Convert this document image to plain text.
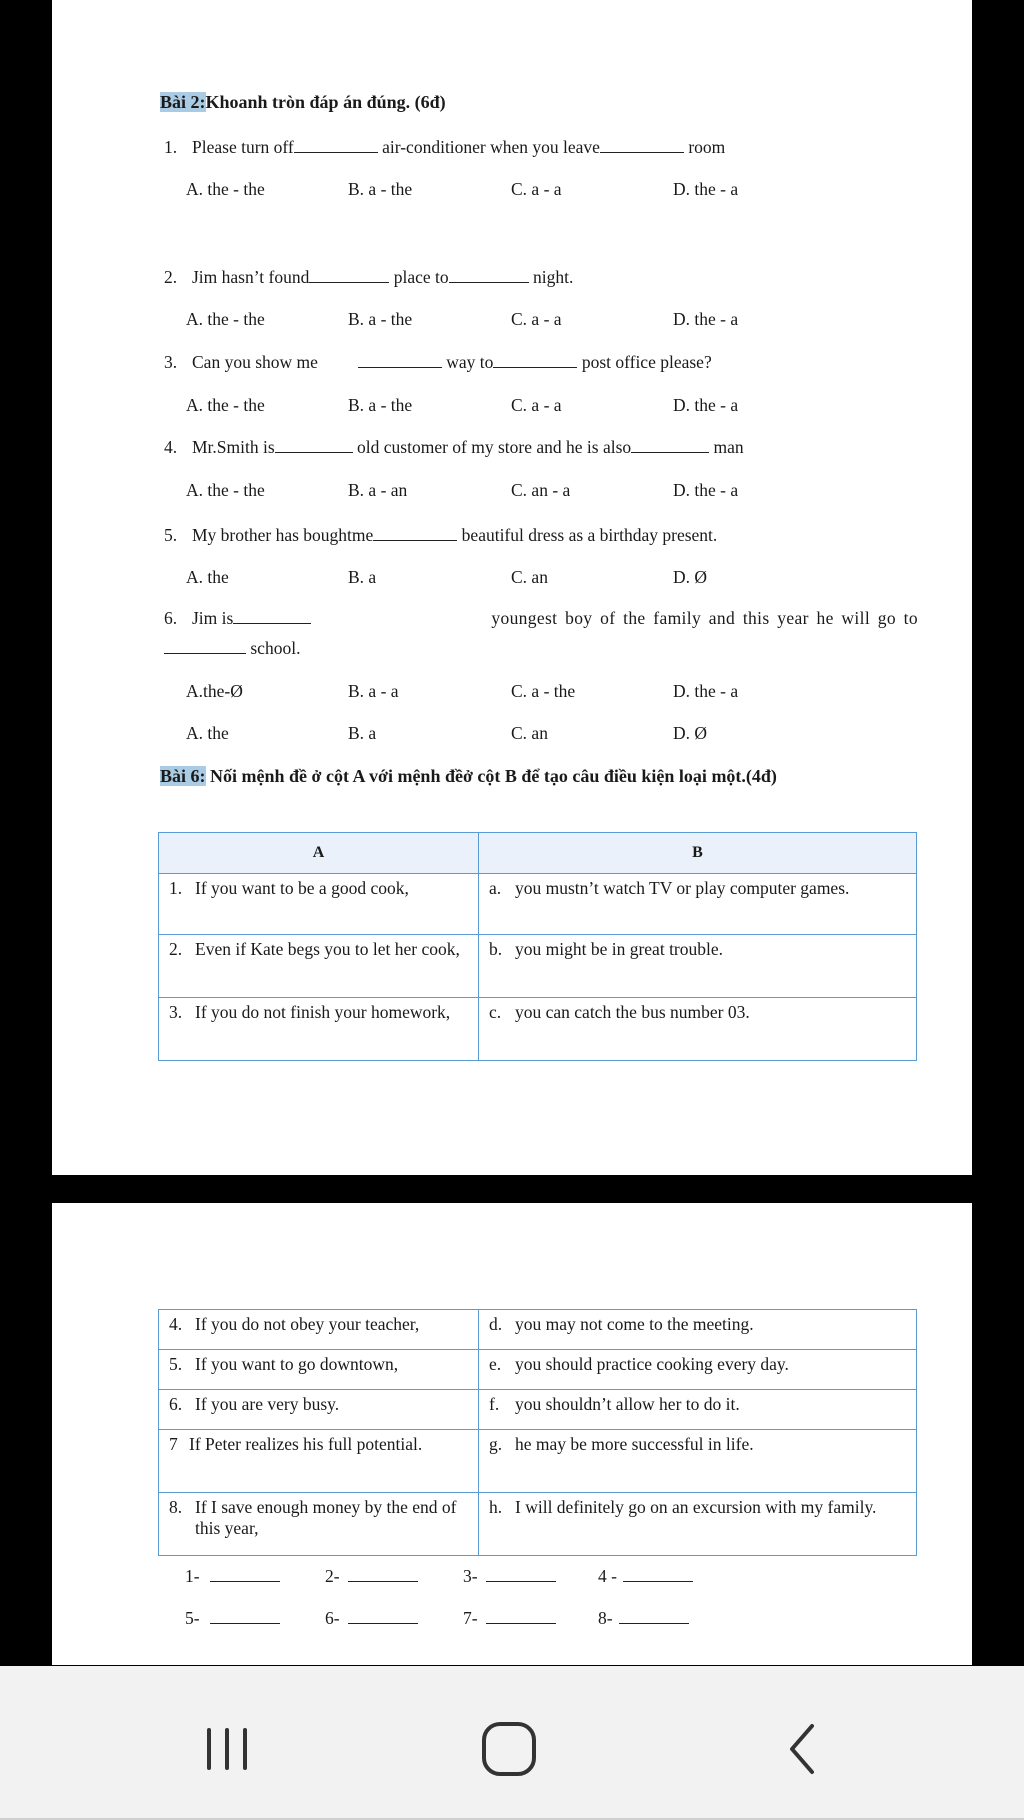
Bài 2:Khoanh tròn đáp án đúng. (6đ)
1. Please turn off	air-conditioner when you leave	room
A. the - the	B. a - the	C. a - a	D. the - a
2. Jim hasn’t found	place to	night.
A. the - the	B. a - the	C. a - a	D. the - a
3. Can you show me	way to	post office please?
A. the - the	B. a - the	C. a - a	D. the - a
4. Mr.Smith is	old customer of my store and he is also	man
A. the - the	B. a - an	C. an - a	D. the - a
5. My brother has boughtme	beautiful dress as a birthday present.
A. the	B. a	C. an	D. Ø
6. Jim is	youngest boy of the family and this year he will go to
school.
A.the-Ø	B. a - a	C. a - the	D. the - a
A. the	B. a	C. an	D. Ø
Bài 6: Nối mệnh đề ở cột A với mệnh đềở cột B để tạo câu điều kiện loại một.(4đ)
A	B

1. If you want to be a good cook,	a. you mustn’t watch TV or play computer games.

2. Even if Kate begs you to let her cook,	b. you might be in great trouble.

3. If you do not finish your homework,	c. you can catch the bus number 03.
4. If you do not obey your teacher,	d. you may not come to the meeting.

5. If you want to go downtown,	e. you should practice cooking every day.

6. If you are very busy.	f. you shouldn’t allow her to do it.

7 If Peter realizes his full potential.	g. he may be more successful in life.

8. If I save enough money by the end of this year,	h. I will definitely go on an excursion with my family.
1-	2-	3-	4 -
5-	6-	7-	8-
